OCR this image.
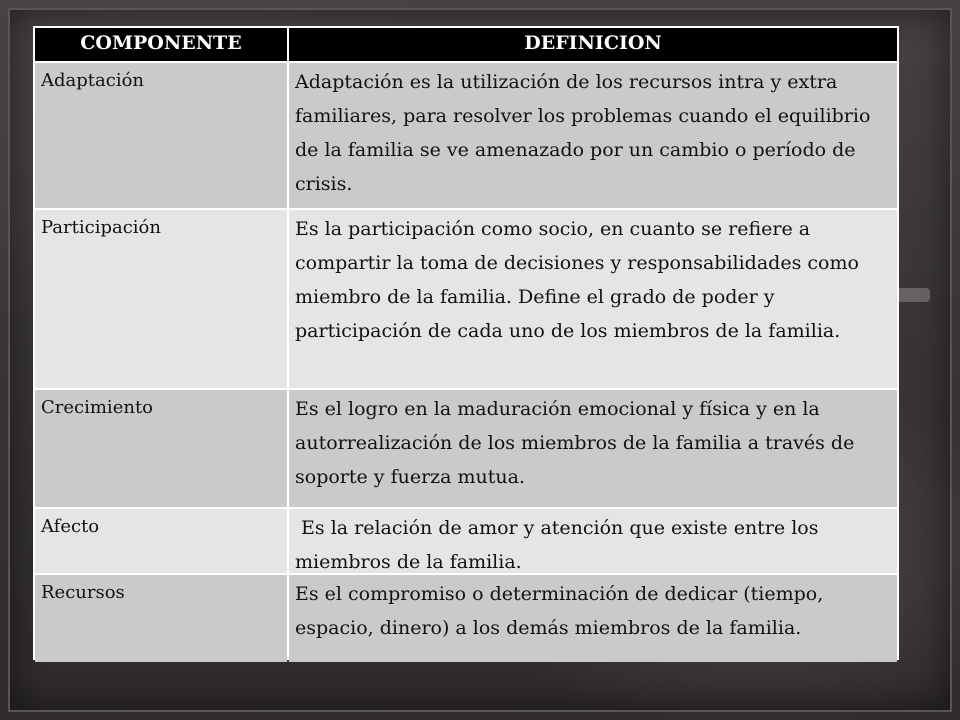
COMPONENTE	DEFINICION
Adaptación	Adaptación es la utilización de los recursos intra y extra familiares, para resolver los problemas cuando el equilibrio de la familia se ve amenazado por un cambio o período de crisis.
Participación	Es la participación como socio, en cuanto se refiere a compartir la toma de decisiones y responsabilidades como miembro de la familia. Define el grado de poder y participación de cada uno de los miembros de la familia.
Crecimiento	Es el logro en la maduración emocional y física y en la autorrealización de los miembros de la familia a través de soporte y fuerza mutua.
Afecto	Es la relación de amor y atención que existe entre los miembros de la familia.
Recursos	Es el compromiso o determinación de dedicar (tiempo, espacio, dinero) a los demás miembros de la familia.
